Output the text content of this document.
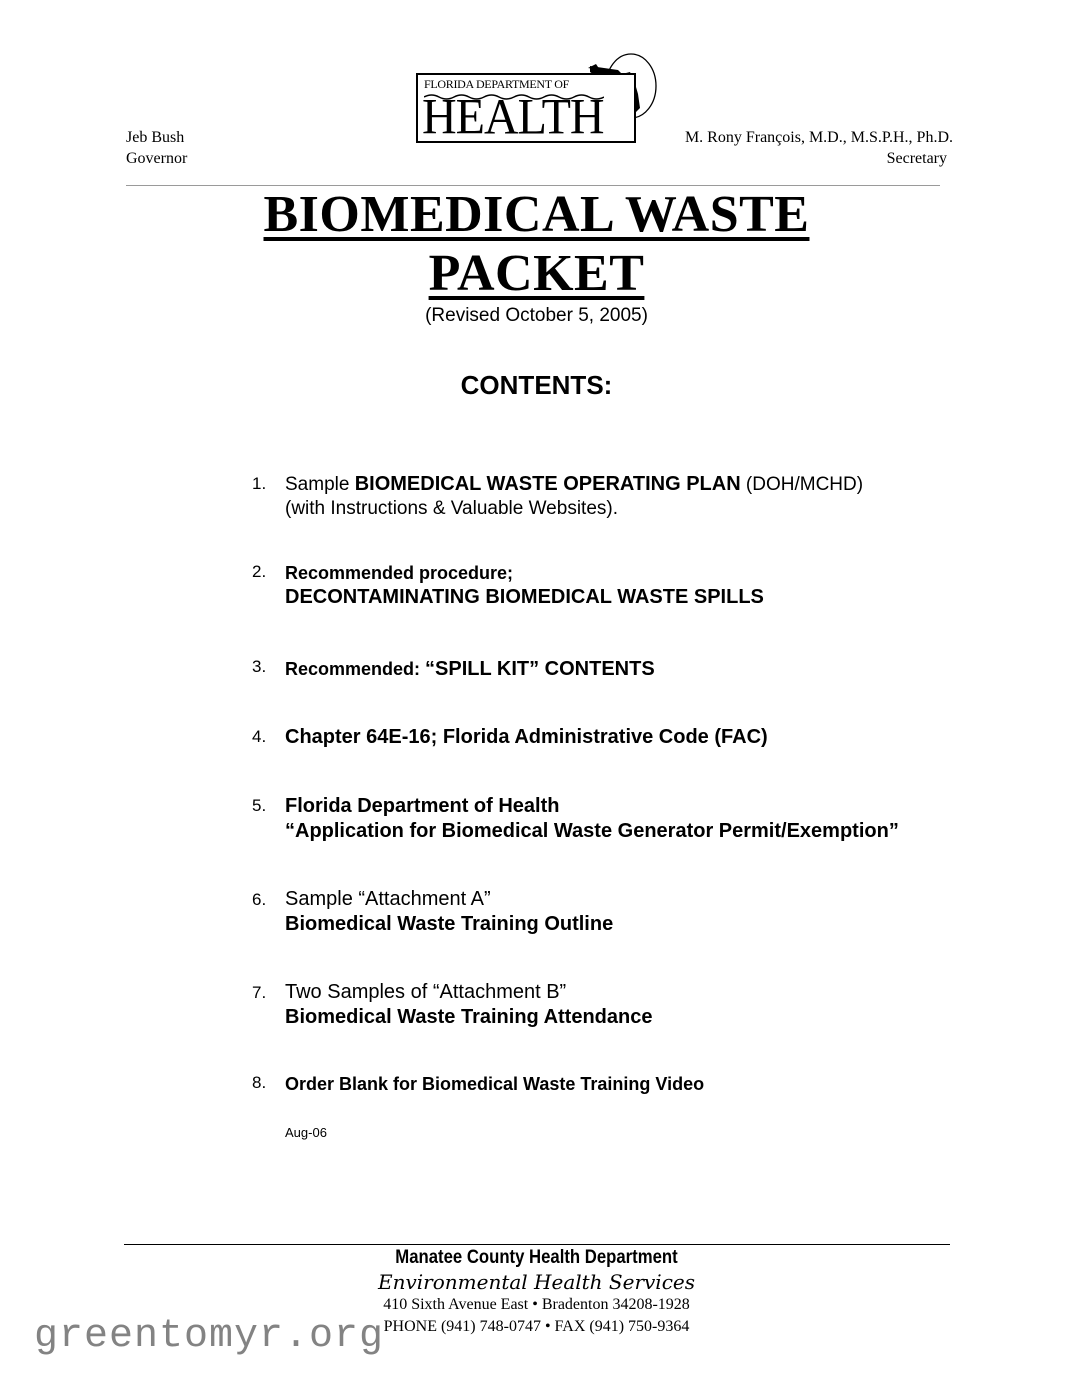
Jeb Bush
Governor
FLORIDA DEPARTMENT OF
HEALTH	M. Rony François, M.D., M.S.P.H., Ph.D.
Secretary
BIOMEDICAL WASTE
PACKET
(Revised October 5, 2005)
CONTENTS:
1. Sample BIOMEDICAL WASTE OPERATING PLAN (DOH/MCHD)
(with Instructions & Valuable Websites).
2. Recommended procedure;
DECONTAMINATING BIOMEDICAL WASTE SPILLS
3. Recommended: “SPILL KIT” CONTENTS
4. Chapter 64E-16; Florida Administrative Code (FAC)
5. Florida Department of Health
“Application for Biomedical Waste Generator Permit/Exemption”
6. Sample “Attachment A”
Biomedical Waste Training Outline
7. Two Samples of “Attachment B”
Biomedical Waste Training Attendance
8. Order Blank for Biomedical Waste Training Video
Aug-06
Manatee County Health Department
Environmental Health Services
410 Sixth Avenue East • Bradenton 34208-1928
PHONE (941) 748-0747 • FAX (941) 750-9364
greentomyr.org
